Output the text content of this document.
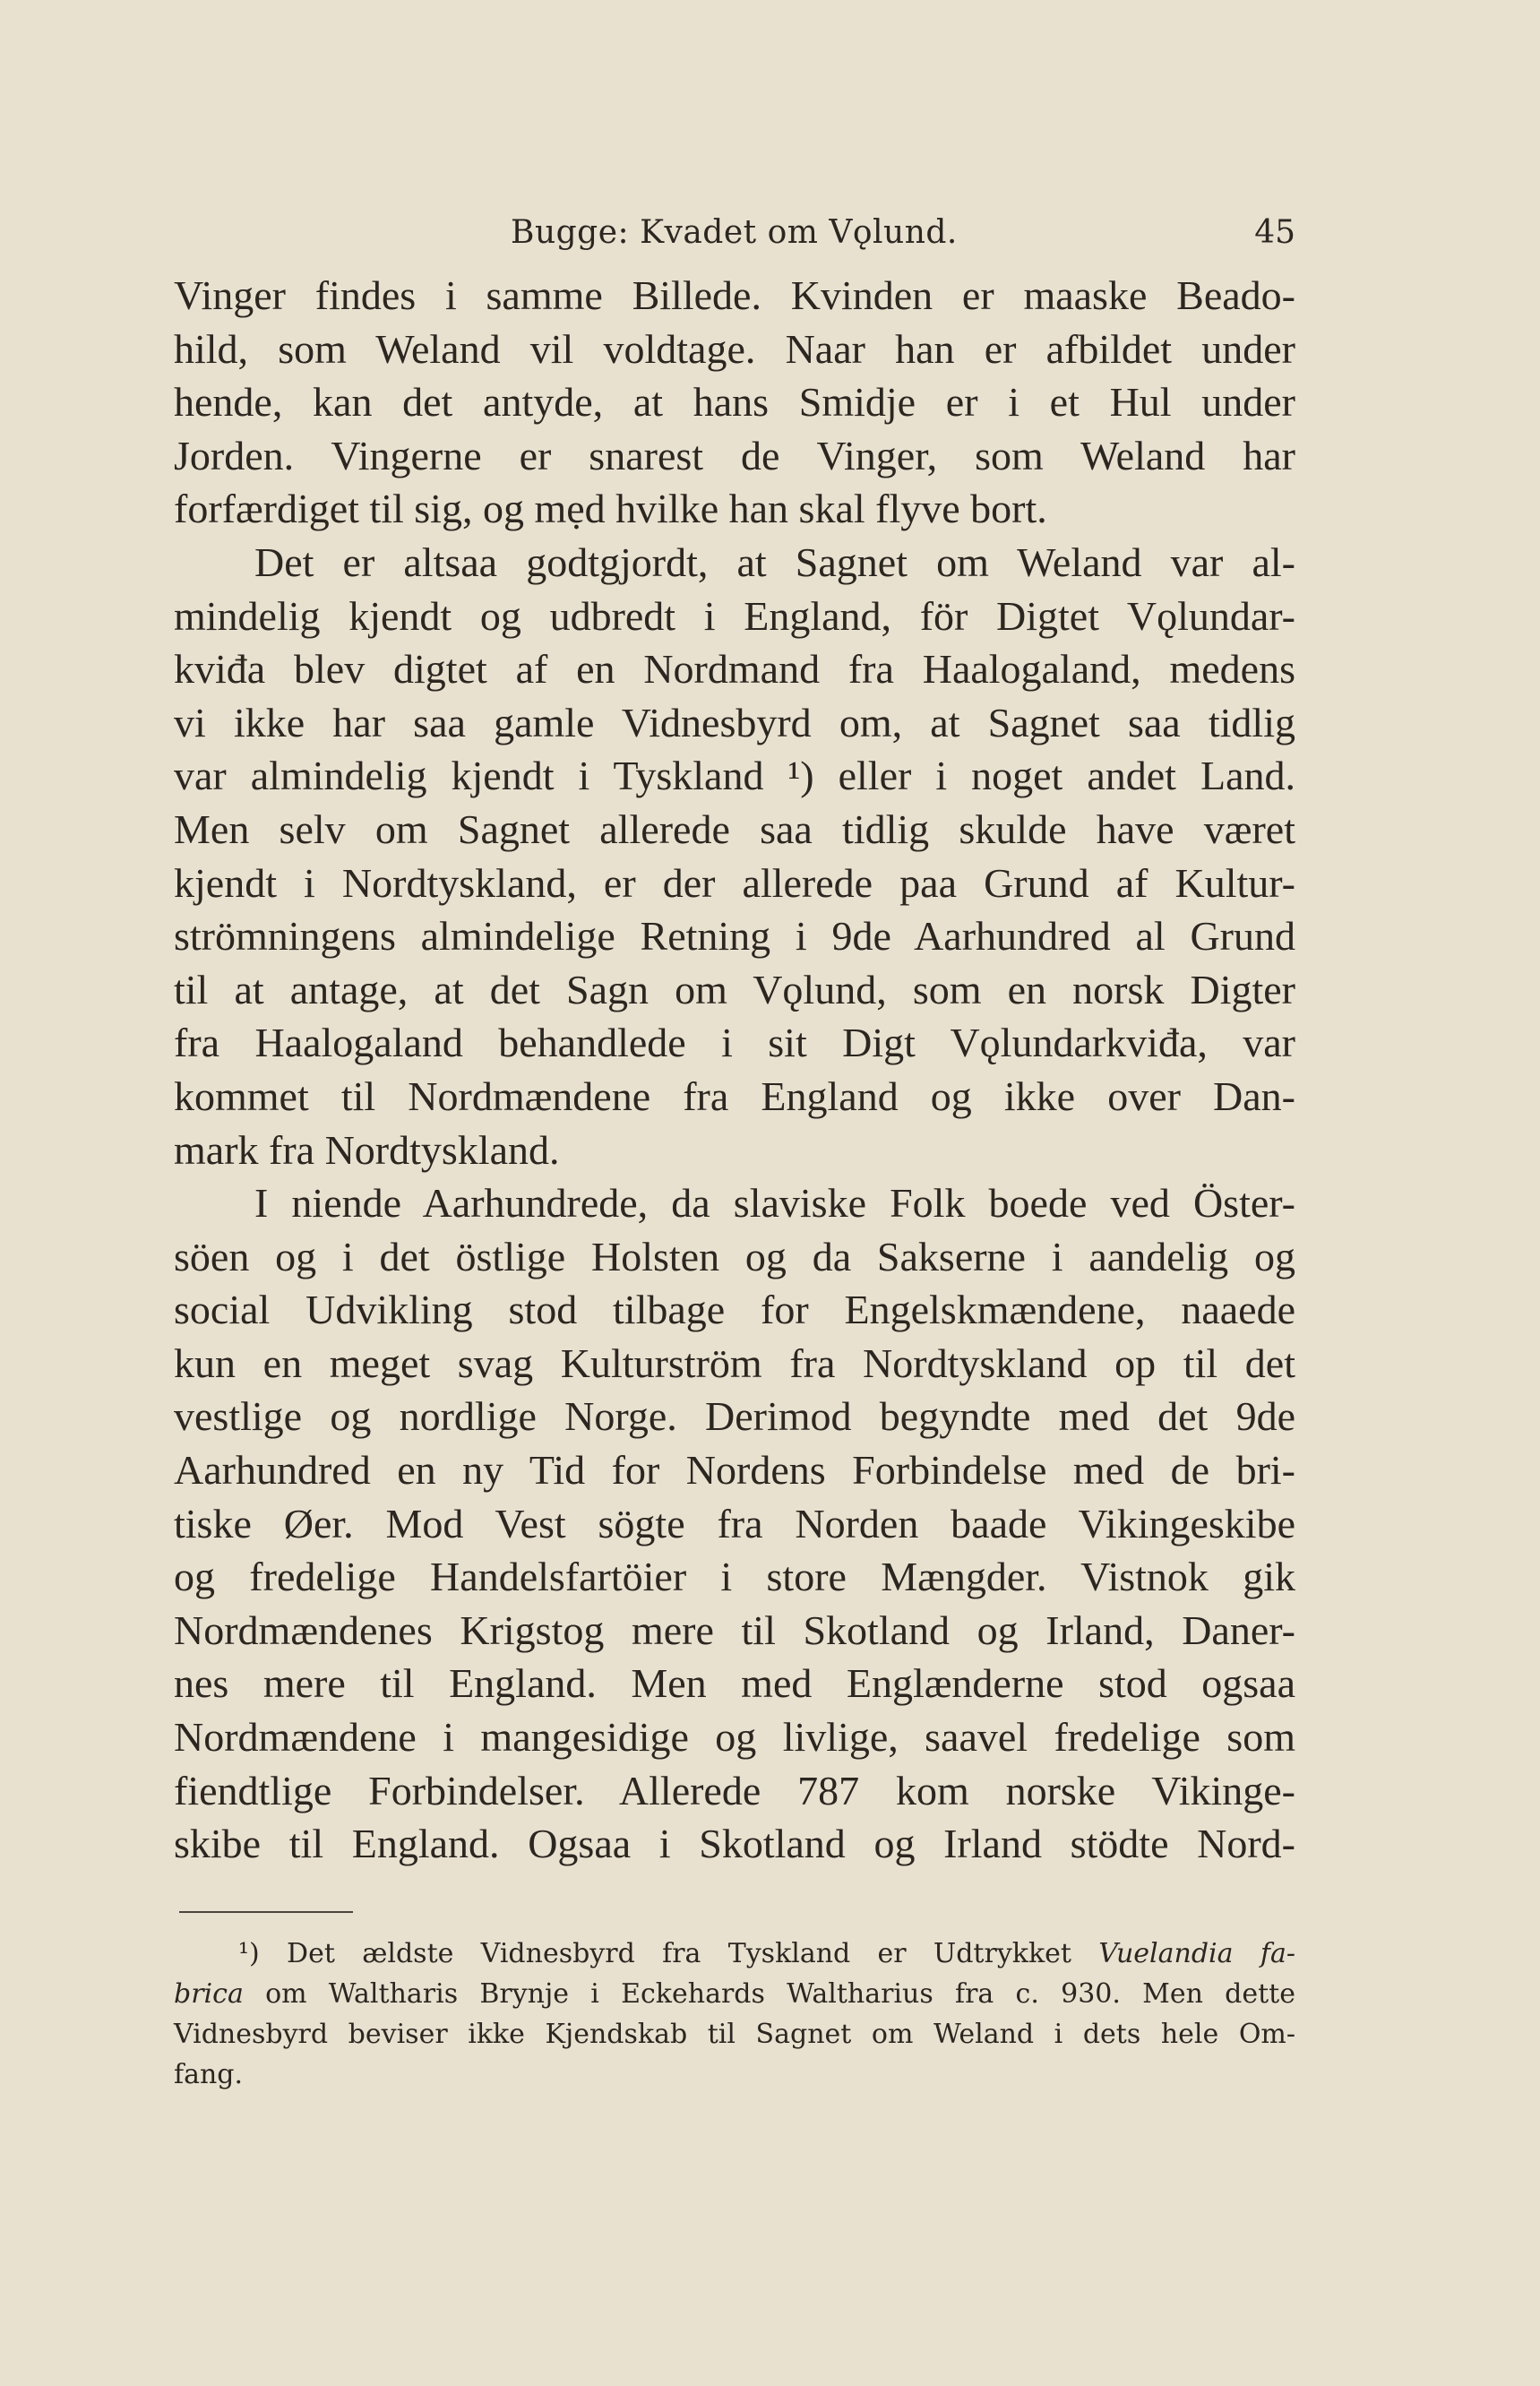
Bugge: Kvadet om Vǫlund.	45
Vinger findes i samme Billede. Kvinden er maaske Beado-
hild, som Weland vil voldtage. Naar han er afbildet under
hende, kan det antyde, at hans Smidje er i et Hul under
Jorden. Vingerne er snarest de Vinger, som Weland har
forfærdiget til sig, og mẹd hvilke han skal flyve bort.
Det er altsaa godtgjordt, at Sagnet om Weland var al-
mindelig kjendt og udbredt i England, för Digtet Vǫlundar-
kviđa blev digtet af en Nordmand fra Haalogaland, medens
vi ikke har saa gamle Vidnesbyrd om, at Sagnet saa tidlig
var almindelig kjendt i Tyskland ¹) eller i noget andet Land.
Men selv om Sagnet allerede saa tidlig skulde have været
kjendt i Nordtyskland, er der allerede paa Grund af Kultur-
strömningens almindelige Retning i 9de Aarhundred al Grund
til at antage, at det Sagn om Vǫlund, som en norsk Digter
fra Haalogaland behandlede i sit Digt Vǫlundarkviđa, var
kommet til Nordmændene fra England og ikke over Dan-
mark fra Nordtyskland.
I niende Aarhundrede, da slaviske Folk boede ved Öster-
söen og i det östlige Holsten og da Sakserne i aandelig og
social Udvikling stod tilbage for Engelskmændene, naaede
kun en meget svag Kulturström fra Nordtyskland op til det
vestlige og nordlige Norge. Derimod begyndte med det 9de
Aarhundred en ny Tid for Nordens Forbindelse med de bri-
tiske Øer. Mod Vest sögte fra Norden baade Vikingeskibe
og fredelige Handelsfartöier i store Mængder. Vistnok gik
Nordmændenes Krigstog mere til Skotland og Irland, Daner-
nes mere til England. Men med Englænderne stod ogsaa
Nordmændene i mangesidige og livlige, saavel fredelige som
fiendtlige Forbindelser. Allerede 787 kom norske Vikinge-
skibe til England. Ogsaa i Skotland og Irland stödte Nord-
¹) Det ældste Vidnesbyrd fra Tyskland er Udtrykket Vuelandia fa-
brica om Waltharis Brynje i Eckehards Waltharius fra c. 930. Men dette
Vidnesbyrd beviser ikke Kjendskab til Sagnet om Weland i dets hele Om-
fang.
